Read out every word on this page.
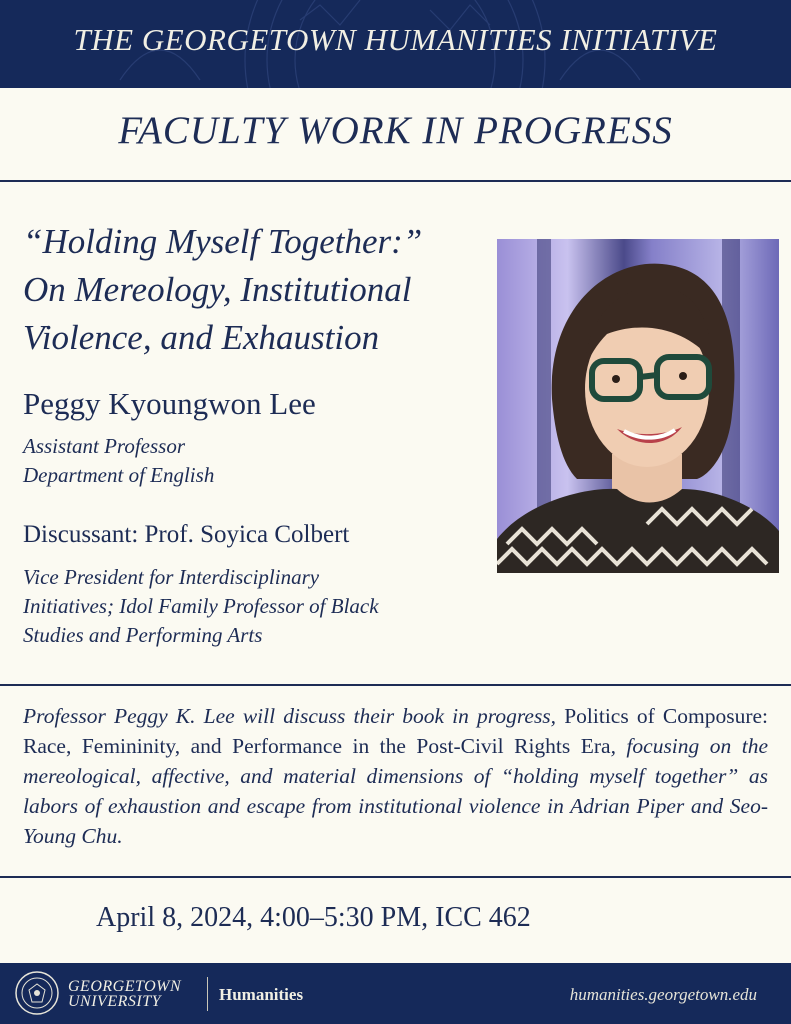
THE GEORGETOWN HUMANITIES INITIATIVE
FACULTY WORK IN PROGRESS
“Holding Myself Together:”
On Mereology, Institutional
Violence, and Exhaustion
Peggy Kyoungwon Lee
Assistant Professor
Department of English
Discussant: Prof. Soyica Colbert
Vice President for Interdisciplinary
Initiatives; Idol Family Professor of Black
Studies and Performing Arts
Professor Peggy K. Lee will discuss their book in progress, Politics of Composure: Race, Femininity, and Performance in the Post-Civil Rights Era, focusing on the mereological, affective, and material dimensions of “holding myself together” as labors of exhaustion and escape from institutional violence in Adrian Piper and Seo-Young Chu.
April 8, 2024, 4:00–5:30 PM, ICC 462
GEORGETOWN
UNIVERSITY	Humanities	humanities.georgetown.edu
